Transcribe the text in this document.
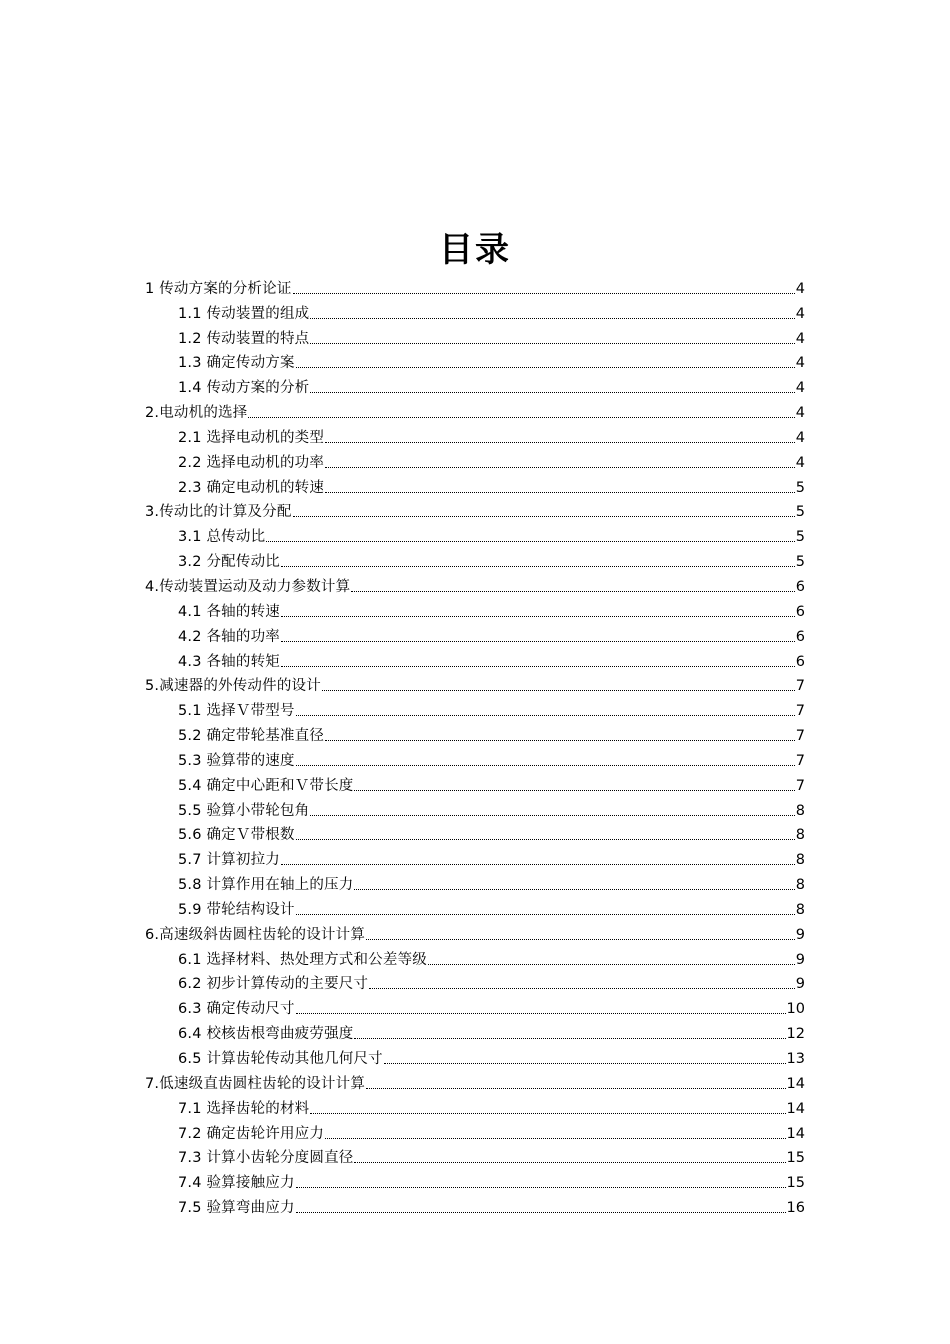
目录
1 传动方案的分析论证	4
1.1 传动装置的组成	4
1.2 传动装置的特点	4
1.3 确定传动方案	4
1.4 传动方案的分析	4
2.电动机的选择	4
2.1 选择电动机的类型	4
2.2 选择电动机的功率	4
2.3 确定电动机的转速	5
3.传动比的计算及分配	5
3.1 总传动比	5
3.2 分配传动比	5
4.传动装置运动及动力参数计算	6
4.1 各轴的转速	6
4.2 各轴的功率	6
4.3 各轴的转矩	6
5.减速器的外传动件的设计	7
5.1 选择Ｖ带型号	7
5.2 确定带轮基准直径	7
5.3 验算带的速度	7
5.4 确定中心距和Ｖ带长度	7
5.5 验算小带轮包角	8
5.6 确定Ｖ带根数	8
5.7 计算初拉力	8
5.8 计算作用在轴上的压力	8
5.9 带轮结构设计	8
6.高速级斜齿圆柱齿轮的设计计算	9
6.1 选择材料、热处理方式和公差等级	9
6.2 初步计算传动的主要尺寸	9
6.3 确定传动尺寸	10
6.4 校核齿根弯曲疲劳强度	12
6.5 计算齿轮传动其他几何尺寸	13
7.低速级直齿圆柱齿轮的设计计算	14
7.1 选择齿轮的材料	14
7.2 确定齿轮许用应力	14
7.3 计算小齿轮分度圆直径	15
7.4 验算接触应力	15
7.5 验算弯曲应力	16
